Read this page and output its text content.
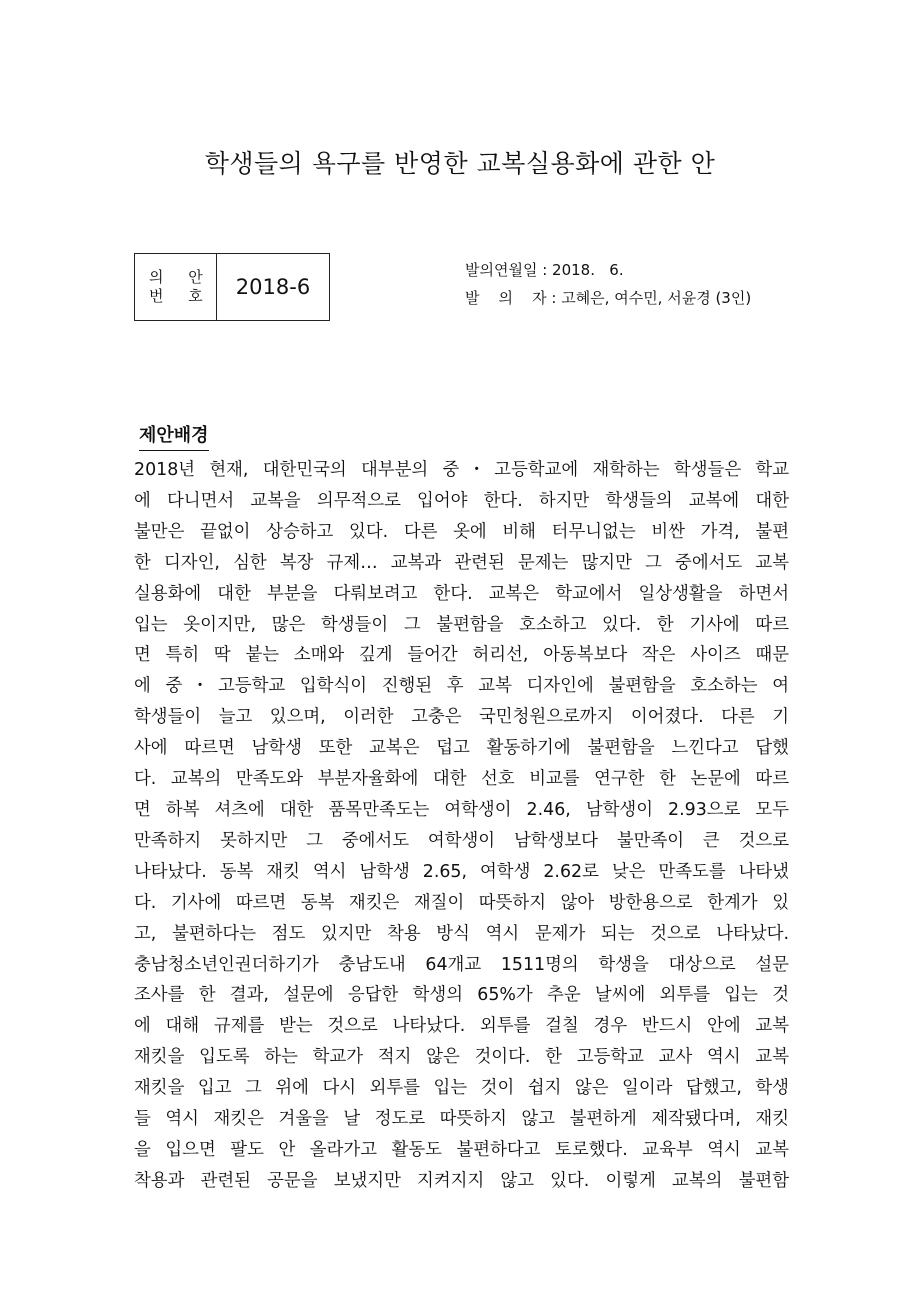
학생들의 욕구를 반영한 교복실용화에 관한 안
의 안
번 호	2018-6
발의연월일 : 2018.   6.
발    의    자 : 고혜은, 여수민, 서윤경 (3인)
제안배경
2018년 현재, 대한민국의 대부분의 중・고등학교에 재학하는 학생들은 학교
에 다니면서 교복을 의무적으로 입어야 한다. 하지만 학생들의 교복에 대한
불만은 끝없이 상승하고 있다. 다른 옷에 비해 터무니없는 비싼 가격, 불편
한 디자인, 심한 복장 규제… 교복과 관련된 문제는 많지만 그 중에서도 교복
실용화에 대한 부분을 다뤄보려고 한다. 교복은 학교에서 일상생활을 하면서
입는 옷이지만, 많은 학생들이 그 불편함을 호소하고 있다. 한 기사에 따르
면 특히 딱 붙는 소매와 깊게 들어간 허리선, 아동복보다 작은 사이즈 때문
에 중・고등학교 입학식이 진행된 후 교복 디자인에 불편함을 호소하는 여
학생들이 늘고 있으며, 이러한 고충은 국민청원으로까지 이어졌다. 다른 기
사에 따르면 남학생 또한 교복은 덥고 활동하기에 불편함을 느낀다고 답했
다. 교복의 만족도와 부분자율화에 대한 선호 비교를 연구한 한 논문에 따르
면 하복 셔츠에 대한 품목만족도는 여학생이 2.46, 남학생이 2.93으로 모두
만족하지 못하지만 그 중에서도 여학생이 남학생보다 불만족이 큰 것으로
나타났다. 동복 재킷 역시 남학생 2.65, 여학생 2.62로 낮은 만족도를 나타냈
다. 기사에 따르면 동복 재킷은 재질이 따뜻하지 않아 방한용으로 한계가 있
고, 불편하다는 점도 있지만 착용 방식 역시 문제가 되는 것으로 나타났다.
충남청소년인권더하기가 충남도내 64개교 1511명의 학생을 대상으로 설문
조사를 한 결과, 설문에 응답한 학생의 65%가 추운 날씨에 외투를 입는 것
에 대해 규제를 받는 것으로 나타났다. 외투를 걸칠 경우 반드시 안에 교복
재킷을 입도록 하는 학교가 적지 않은 것이다. 한 고등학교 교사 역시 교복
재킷을 입고 그 위에 다시 외투를 입는 것이 쉽지 않은 일이라 답했고, 학생
들 역시 재킷은 겨울을 날 정도로 따뜻하지 않고 불편하게 제작됐다며, 재킷
을 입으면 팔도 안 올라가고 활동도 불편하다고 토로했다. 교육부 역시 교복
착용과 관련된 공문을 보냈지만 지켜지지 않고 있다. 이렇게 교복의 불편함
